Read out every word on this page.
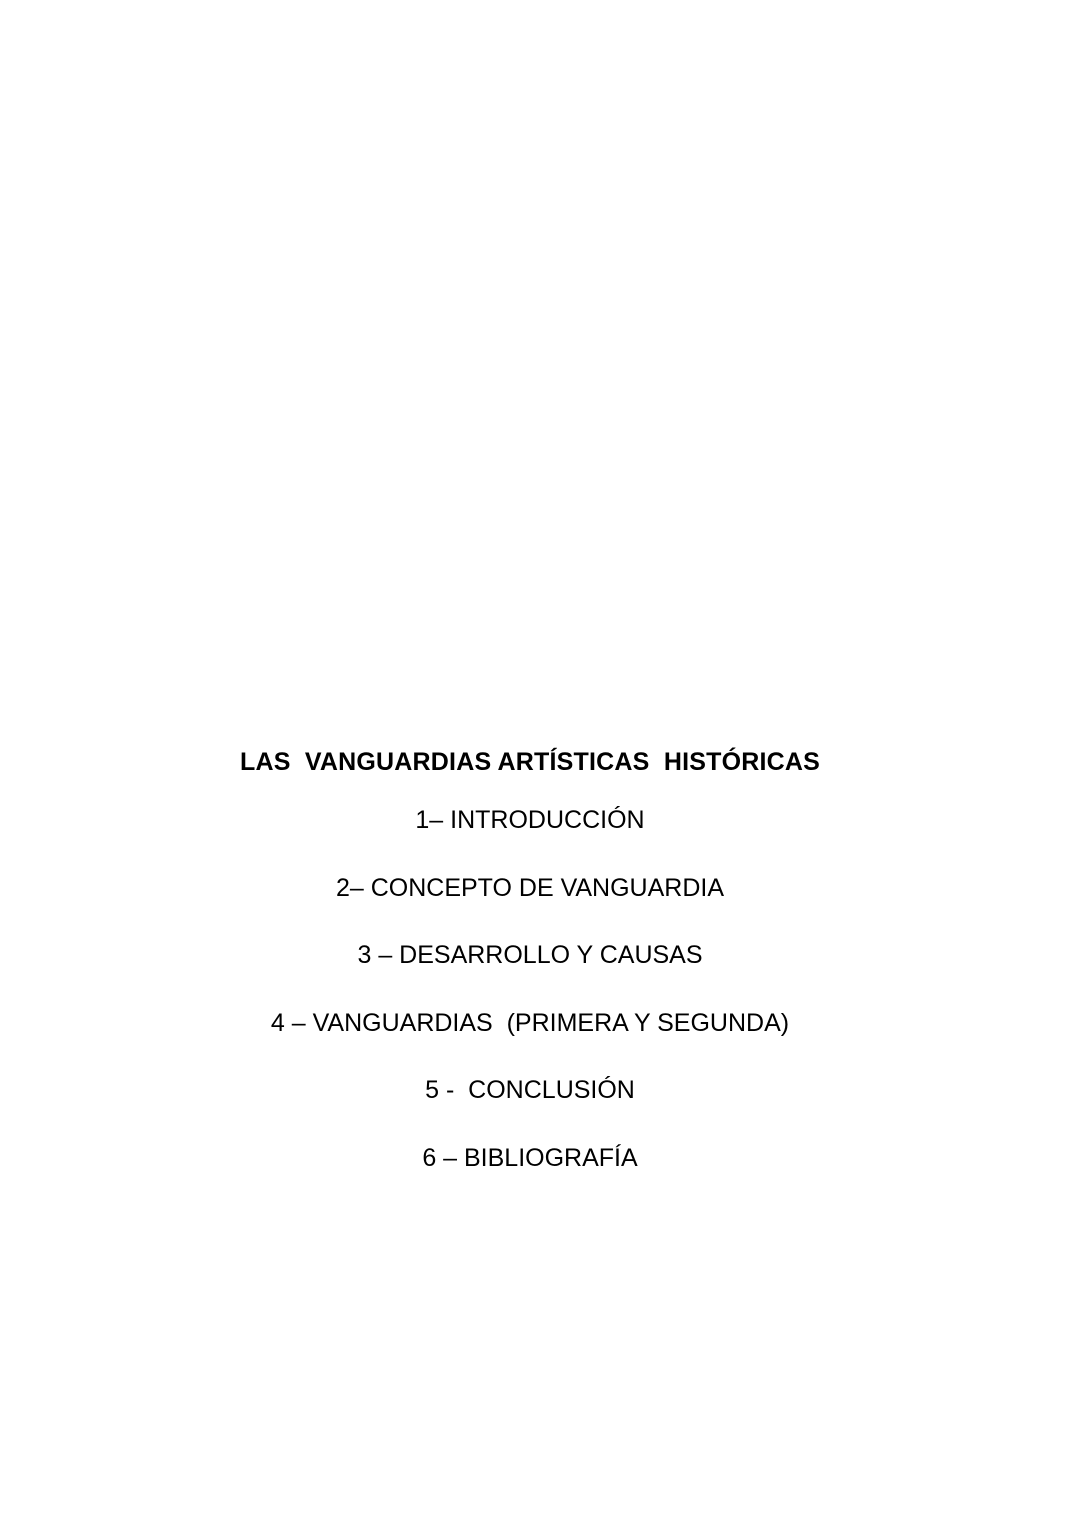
LAS  VANGUARDIAS ARTÍSTICAS  HISTÓRICAS
1– INTRODUCCIÓN
2– CONCEPTO DE VANGUARDIA
3 – DESARROLLO Y CAUSAS
4 – VANGUARDIAS  (PRIMERA Y SEGUNDA)
5 -  CONCLUSIÓN
6 – BIBLIOGRAFÍA
